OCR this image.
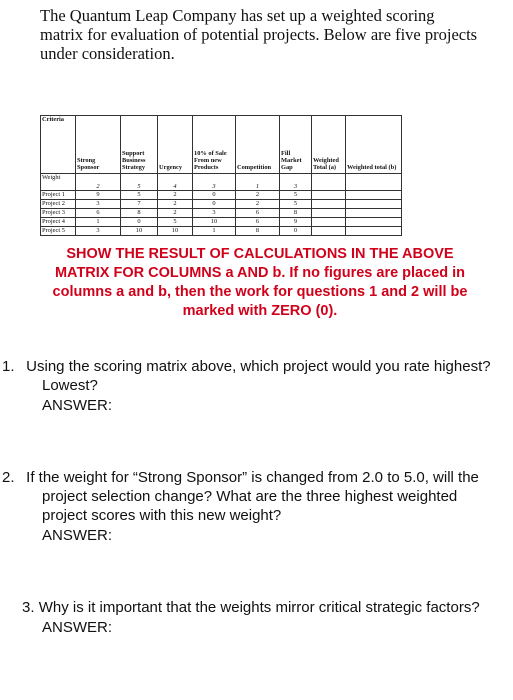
The Quantum Leap Company has set up a weighted scoring matrix for evaluation of potential projects. Below are five projects under consideration.

Criteria	Strong Sponsor	Support Business Strategy	Urgency	10% of Sale From new Products	Competition	Fill Market Gap	Weighted Total (a)	Weighted total (b)
Weight	2	5	4	3	1	3		
Project 1	9	5	2	0	2	5		
Project 2	3	7	2	0	2	5		
Project 3	6	8	2	3	6	8		
Project 4	1	0	5	10	6	9		
Project 5	3	10	10	1	8	0		

SHOW THE RESULT OF CALCULATIONS IN THE ABOVE MATRIX FOR COLUMNS a AND b. If no figures are placed in columns a and b, then the work for questions 1 and 2 will be marked with ZERO (0).

1. Using the scoring matrix above, which project would you rate highest? Lowest?
ANSWER:
2. If the weight for “Strong Sponsor” is changed from 2.0 to 5.0, will the project selection change? What are the three highest weighted project scores with this new weight?
ANSWER:
3. Why is it important that the weights mirror critical strategic factors?
ANSWER:
